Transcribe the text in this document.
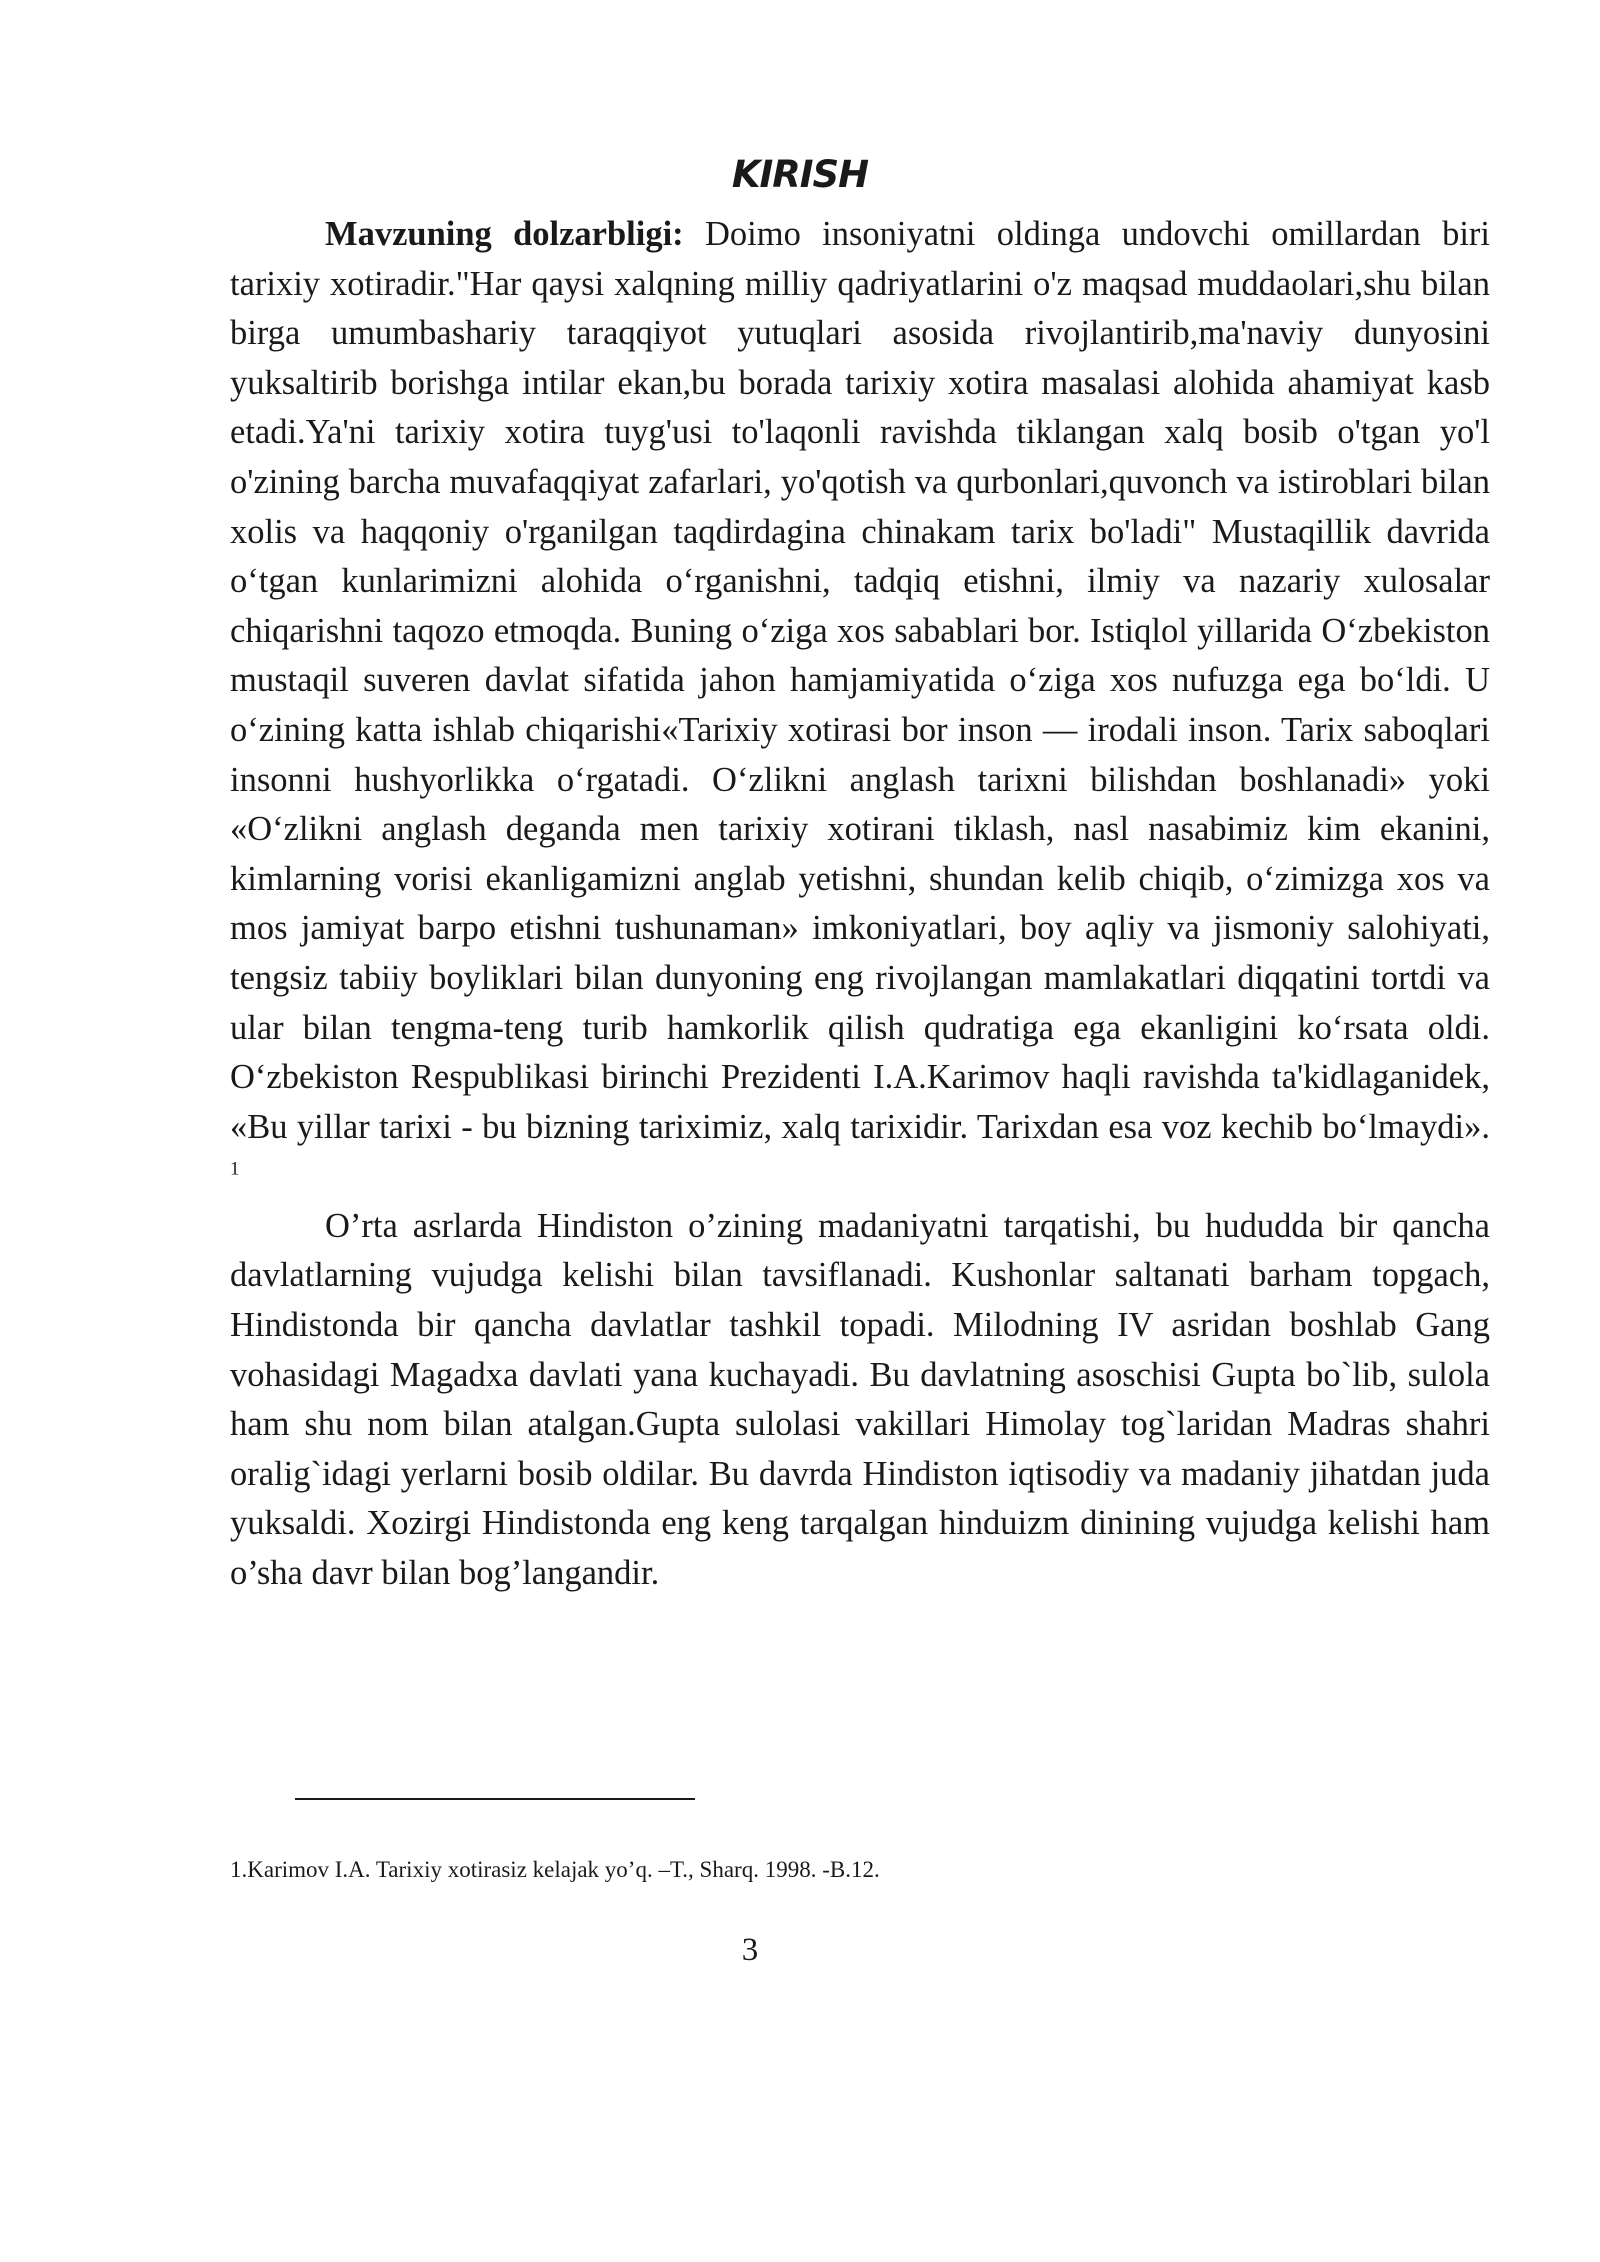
KIRISH

Mavzuning dolzarbligi: Doimo insoniyatni oldinga undovchi omillardan biri tarixiy xotiradir."Har qaysi xalqning milliy qadriyatlarini o'z maqsad muddaolari,shu bilan birga umumbashariy taraqqiyot yutuqlari asosida rivojlantirib,ma'naviy dunyosini yuksaltirib borishga intilar ekan,bu borada tarixiy xotira masalasi alohida ahamiyat kasb etadi.Ya'ni tarixiy xotira tuyg'usi to'laqonli ravishda tiklangan xalq bosib o'tgan yo'l o'zining barcha muvafaqqiyat zafarlari, yo'qotish va qurbonlari,quvonch va istiroblari bilan xolis va haqqoniy o'rganilgan taqdirdagina chinakam tarix bo'ladi" Mustaqillik davrida oʻtgan kunlarimizni alohida oʻrganishni, tadqiq etishni, ilmiy va nazariy xulosalar chiqarishni taqozo etmoqda. Buning oʻziga xos sabablari bor. Istiqlol yillarida Oʻzbekiston mustaqil suveren davlat sifatida jahon hamjamiyatida oʻziga xos nufuzga ega boʻldi. U oʻzining katta ishlab chiqarishi«Tarixiy xotirasi bor inson — irodali inson. Tarix saboqlari insonni hushyorlikka oʻrgatadi. Oʻzlikni anglash tarixni bilishdan boshlanadi» yoki «Oʻzlikni anglash deganda men tarixiy xotirani tiklash, nasl nasabimiz kim ekanini, kimlarning vorisi ekanligamizni anglab yetishni, shundan kelib chiqib, oʻzimizga xos va mos jamiyat barpo etishni tushunaman» imkoniyatlari, boy aqliy va jismoniy salohiyati, tengsiz tabiiy boyliklari bilan dunyoning eng rivojlangan mamlakatlari diqqatini tortdi va ular bilan tengma-teng turib hamkorlik qilish qudratiga ega ekanligini koʻrsata oldi. Oʻzbekiston Respublikasi birinchi Prezidenti I.A.Karimov haqli ravishda ta'kidlaganidek, «Bu yillar tarixi - bu bizning tariximiz, xalq tarixidir. Tarixdan esa voz kechib boʻlmaydi». $^1$

O’rta asrlarda Hindiston o’zining madaniyatni tarqatishi, bu hududda bir qancha davlatlarning vujudga kelishi bilan tavsiflanadi. Kushonlar saltanati barham topgach, Hindistonda bir qancha davlatlar tashkil topadi. Milodning IV asridan boshlab Gang vohasidagi Magadxa davlati yana kuchayadi. Bu davlatning asoschisi Gupta bo`lib, sulola ham shu nom bilan atalgan.Gupta sulolasi vakillari Himolay tog`laridan Madras shahri oralig`idagi yerlarni bosib oldilar. Bu davrda Hindiston iqtisodiy va madaniy jihatdan juda yuksaldi. Xozirgi Hindistonda eng keng tarqalgan hinduizm dinining vujudga kelishi ham o’sha davr bilan bog’langandir.

1.Karimov I.A. Tarixiy xotirasiz kelajak yo’q. –T., Sharq. 1998. -B.12.

3
